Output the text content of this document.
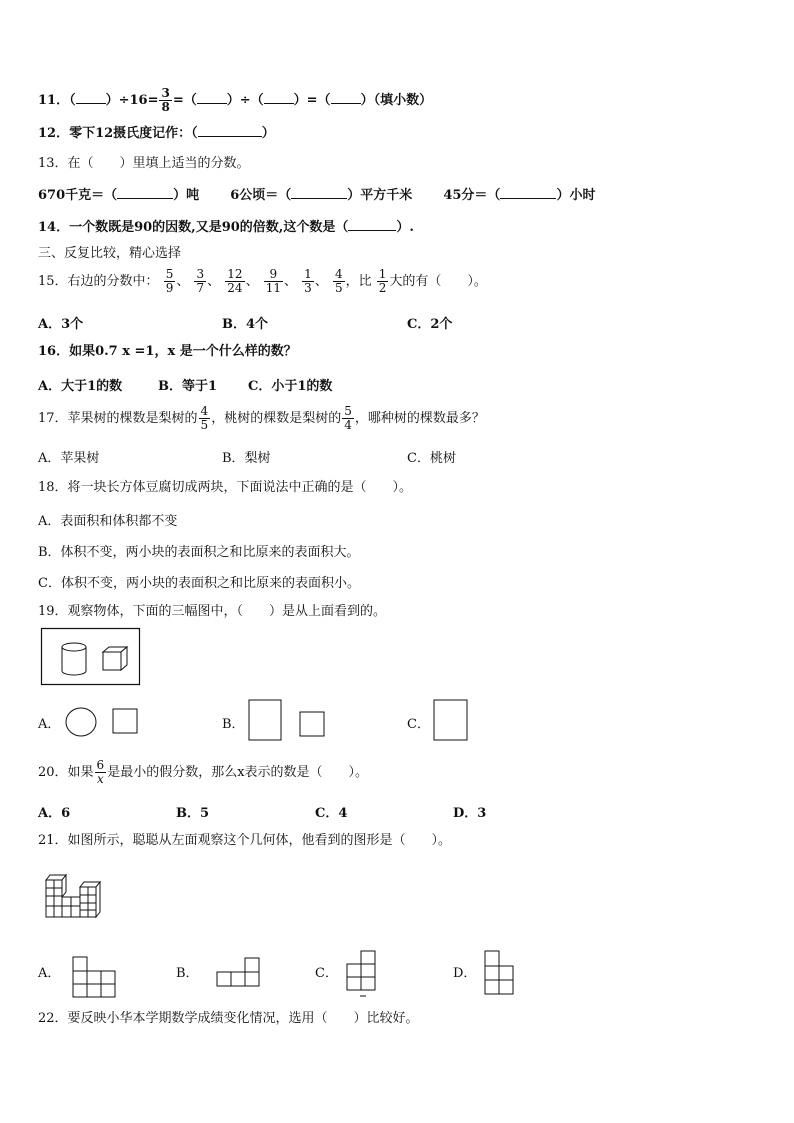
11．（ ）$\div 16= \frac{3}{8}$ =（ ）÷（ ）=（ ）（填小数）
12．零下12摄氏度记作：（	）
13．在（　　）里填上适当的分数。
670千克＝（	）吨 6公顷＝（	）平方千米 45分＝（	）小时
14．一个数既是90的因数,又是90的倍数,这个数是（	）.
三、反复比较，精心选择
15．右边的分数中： $\frac{5}{9}$ 、 $\frac{3}{7}$ 、 $\frac{12}{24}$ 、 $\frac{9}{11}$ 、 $\frac{1}{3}$ 、 $\frac{4}{5}$ ，比 $\frac{1}{2}$ 大的有（　　）。
A．3个	B．4个	C．2个
16．如果0.7 x =1，x 是一个什么样的数？
A．大于1的数	B．等于1 C．小于1的数
17．苹果树的棵数是梨树的 $\frac{4}{5}$ ，桃树的棵数是梨树的 $\frac{5}{4}$ ，哪种树的棵数最多？
A．苹果树	B．梨树	C．桃树
18．将一块长方体豆腐切成两块，下面说法中正确的是（　　）。
A．表面积和体积都不变
B．体积不变，两小块的表面积之和比原来的表面积大。
C．体积不变，两小块的表面积之和比原来的表面积小。
19．观察物体，下面的三幅图中，（　　）是从上面看到的。
A．	B．	C．
20．如果 $\frac{6}{x}$ 是最小的假分数，那么x表示的数是（　　）。
A．6	B．5	C．4	D．3
21．如图所示，聪聪从左面观察这个几何体，他看到的图形是（　　）。
A．	B．	C．	D．
22．要反映小华本学期数学成绩变化情况，选用（　　）比较好。
